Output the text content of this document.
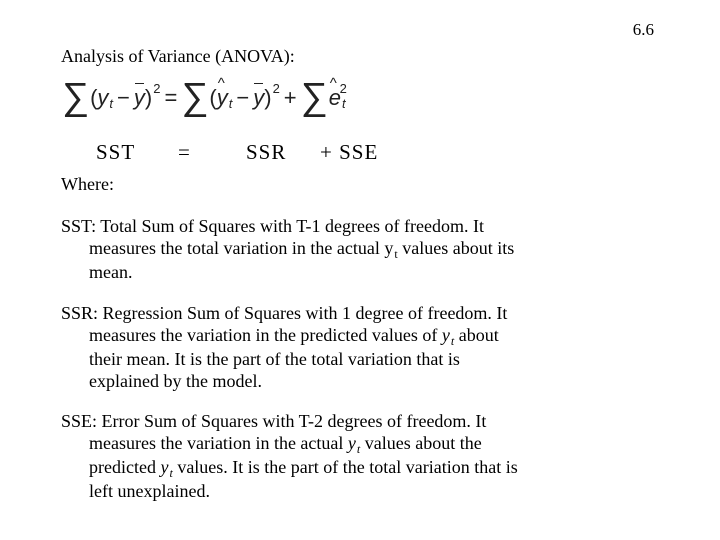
6.6
Analysis of Variance (ANOVA):
∑ ( y t − y ) 2 = ∑ ( ^ y t − y ) 2 + ∑ ^ e t
2
SST =	SSR + SSE
Where:
SST: Total Sum of Squares with T-1 degrees of freedom. It
measures the total variation in the actual $y_t$ values about its
mean.
SSR: Regression Sum of Squares with 1 degree of freedom. It
measures the variation in the predicted values of $y_t$ about
their mean. It is the part of the total variation that is
explained by the model.
SSE: Error Sum of Squares with T-2 degrees of freedom. It
measures the variation in the actual $y_t$ values about the
predicted $y_t$ values. It is the part of the total variation that is
left unexplained.
